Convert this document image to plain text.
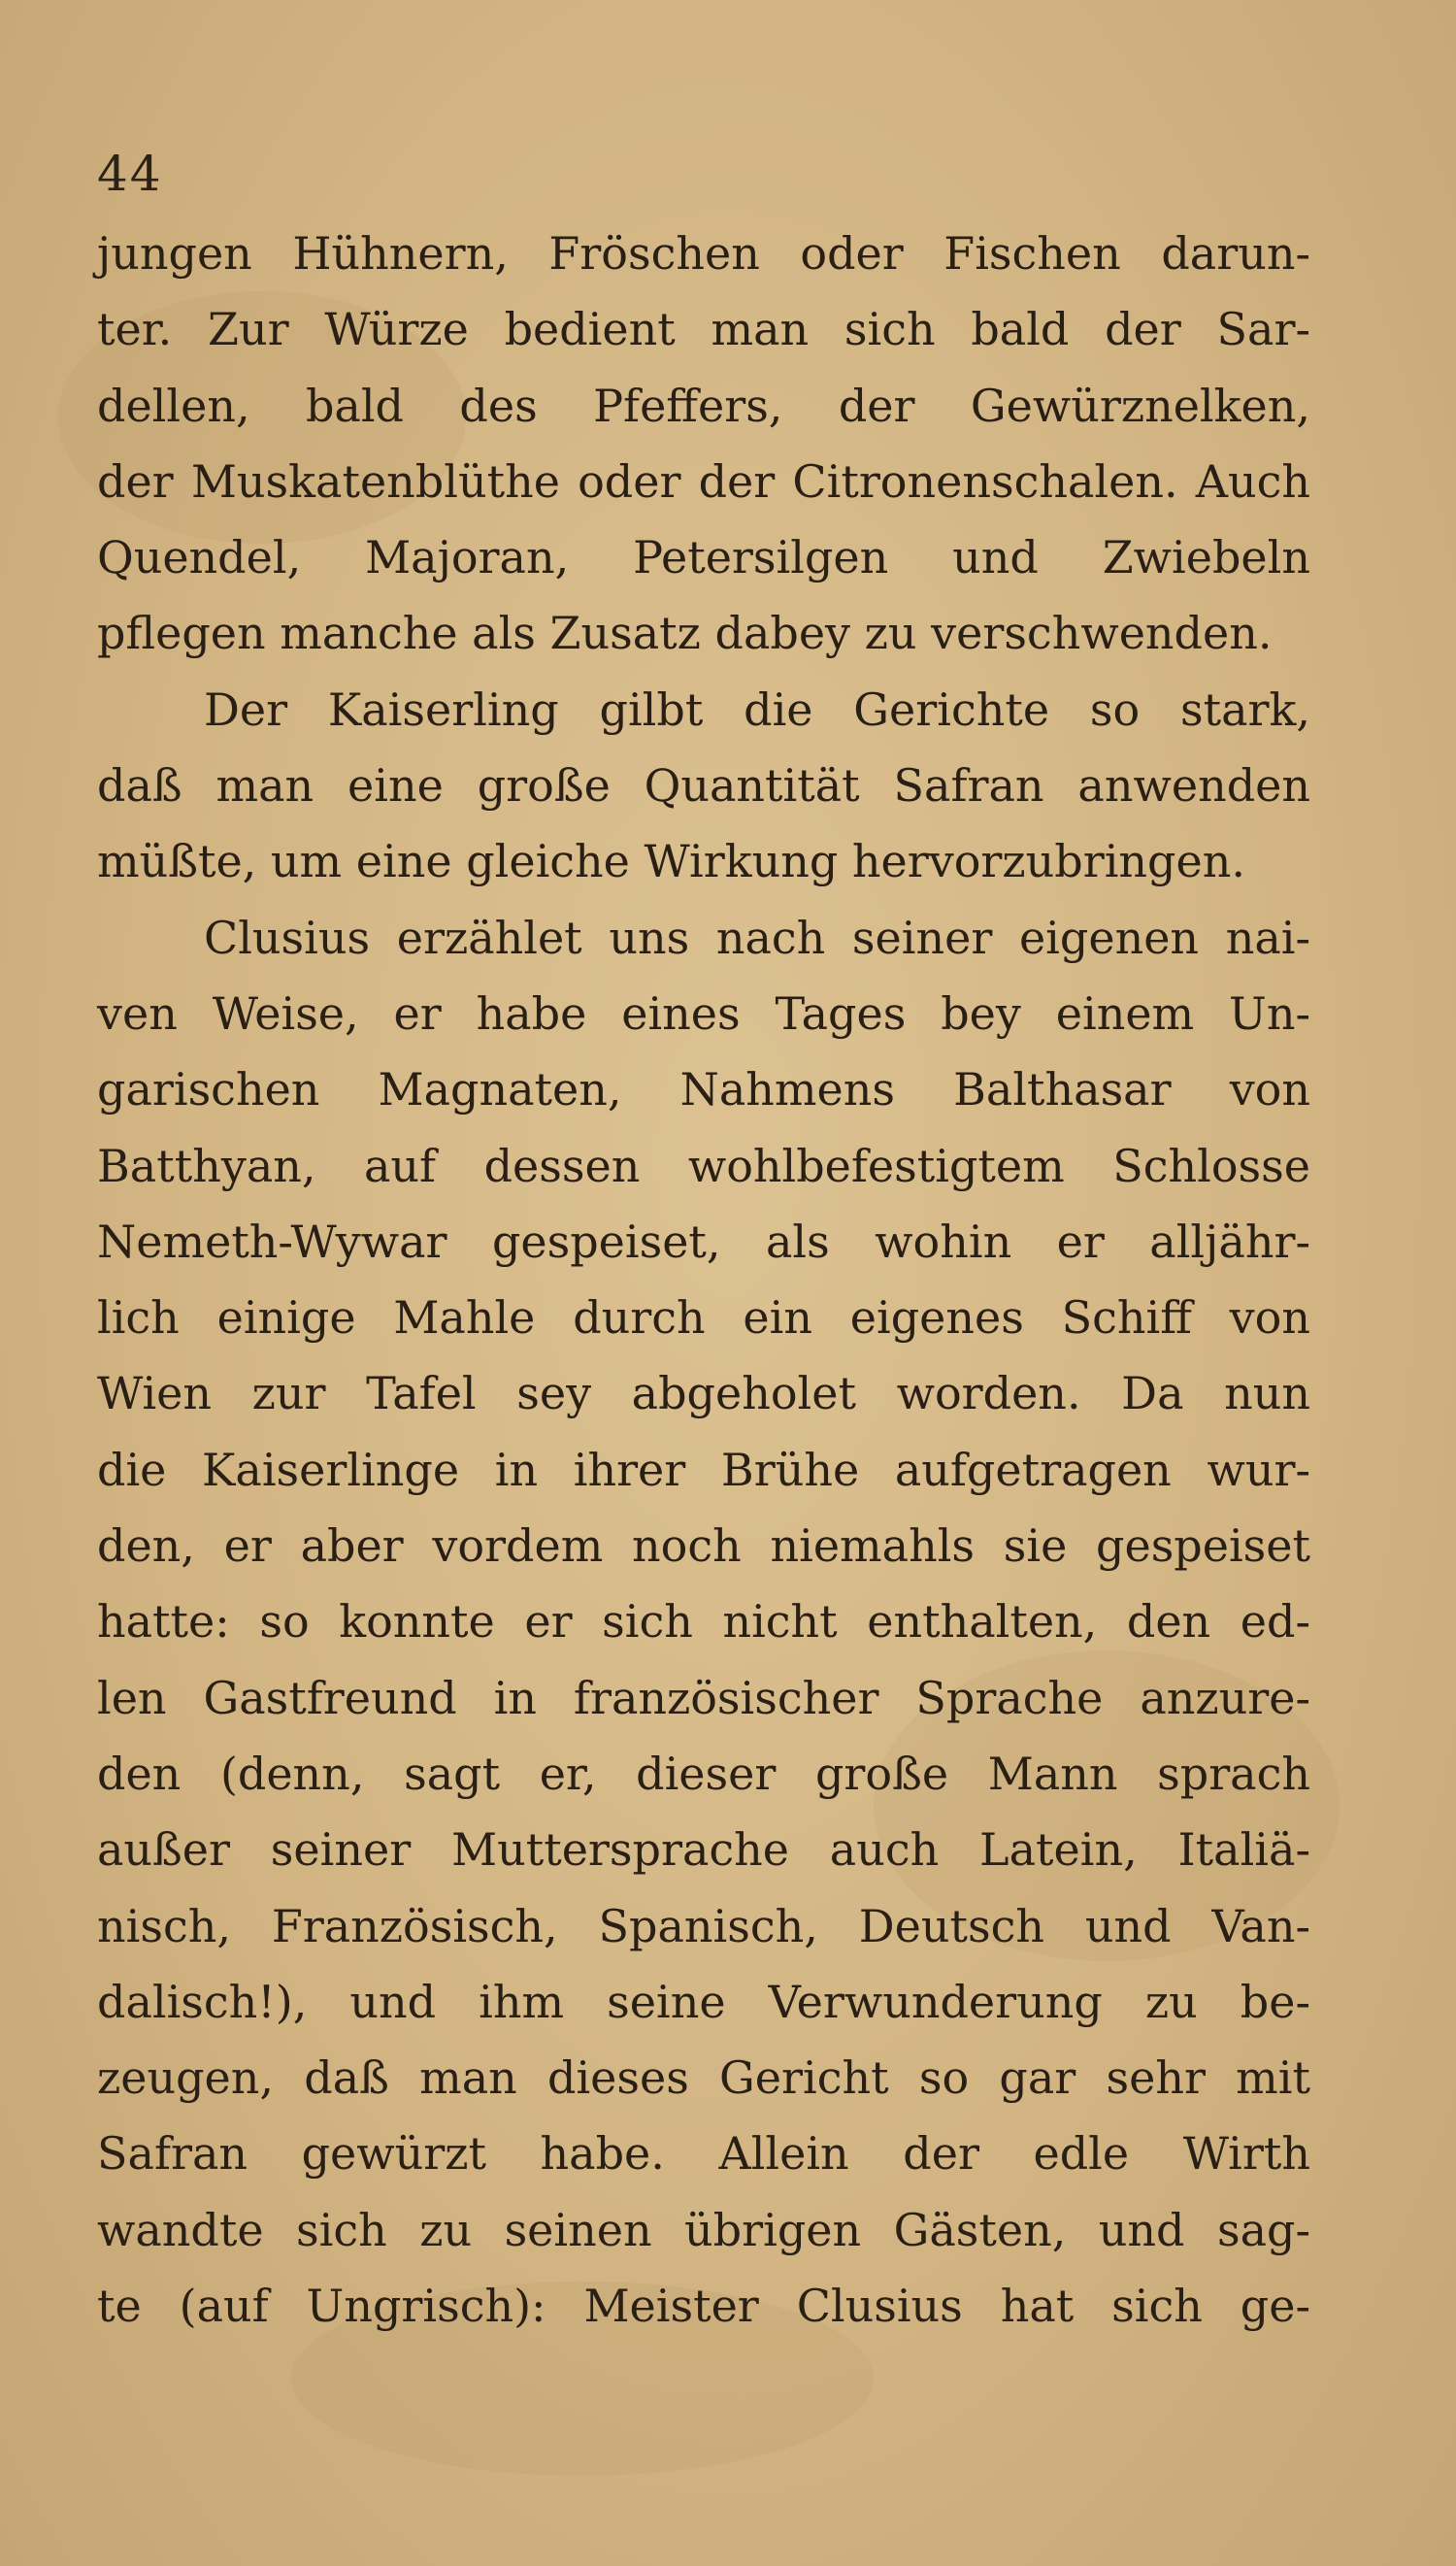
44
jungen Hühnern, Fröschen oder Fischen darun-
ter. Zur Würze bedient man sich bald der Sar-
dellen, bald des Pfeffers, der Gewürznelken,
der Muskatenblüthe oder der Citronenschalen. Auch
Quendel, Majoran, Petersilgen und Zwiebeln
pflegen manche als Zusatz dabey zu verschwenden.
Der Kaiserling gilbt die Gerichte so stark,
daß man eine große Quantität Safran anwenden
müßte, um eine gleiche Wirkung hervorzubringen.
Clusius erzählet uns nach seiner eigenen nai-
ven Weise, er habe eines Tages bey einem Un-
garischen Magnaten, Nahmens Balthasar von
Batthyan, auf dessen wohlbefestigtem Schlosse
Nemeth-Wywar gespeiset, als wohin er alljähr-
lich einige Mahle durch ein eigenes Schiff von
Wien zur Tafel sey abgeholet worden. Da nun
die Kaiserlinge in ihrer Brühe aufgetragen wur-
den, er aber vordem noch niemahls sie gespeiset
hatte: so konnte er sich nicht enthalten, den ed-
len Gastfreund in französischer Sprache anzure-
den (denn, sagt er, dieser große Mann sprach
außer seiner Muttersprache auch Latein, Italiä-
nisch, Französisch, Spanisch, Deutsch und Van-
dalisch!), und ihm seine Verwunderung zu be-
zeugen, daß man dieses Gericht so gar sehr mit
Safran gewürzt habe. Allein der edle Wirth
wandte sich zu seinen übrigen Gästen, und sag-
te (auf Ungrisch): Meister Clusius hat sich ge-
